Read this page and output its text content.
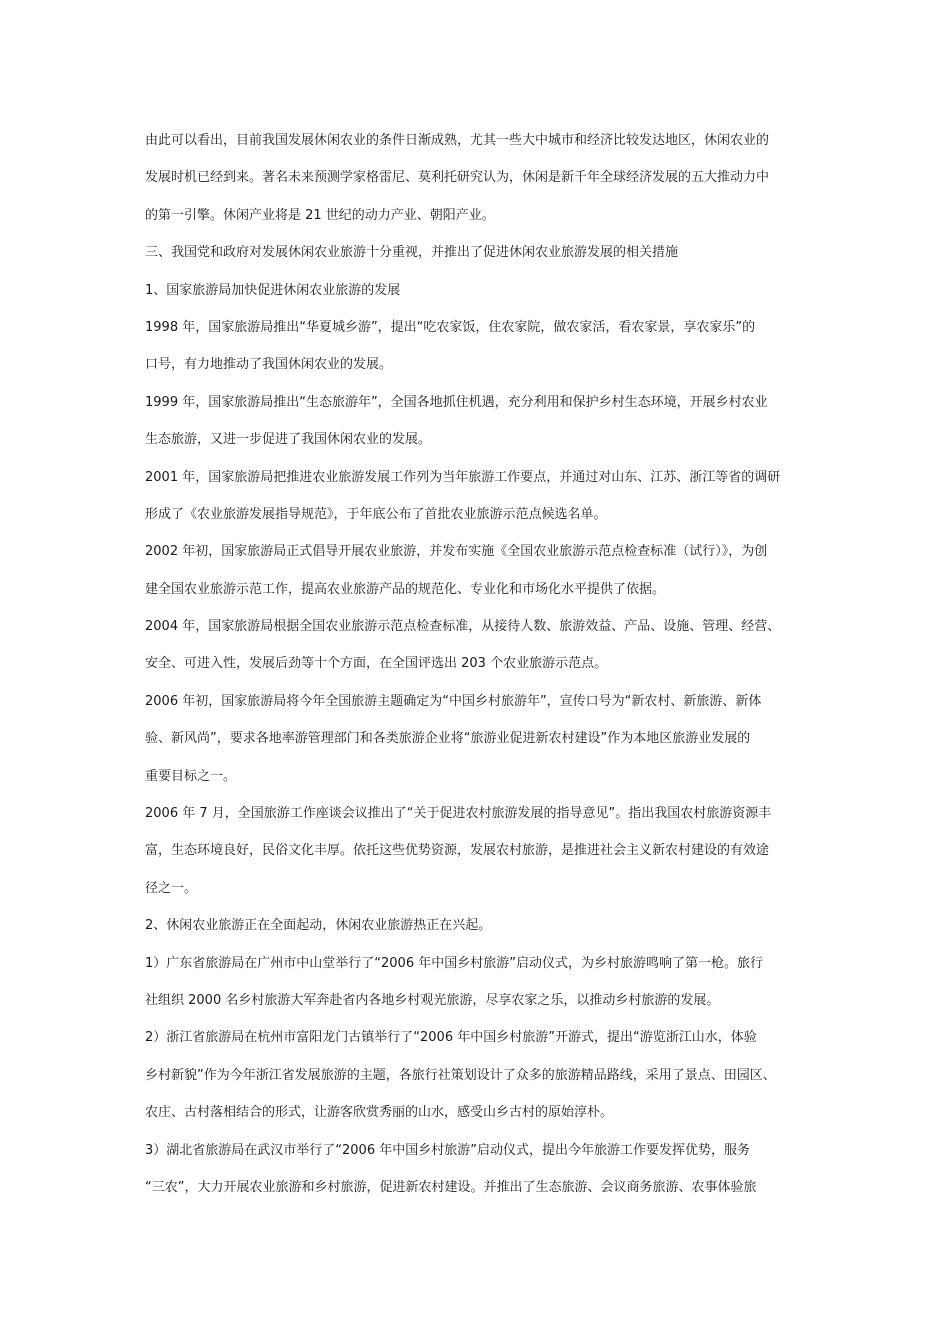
由此可以看出，目前我国发展休闲农业的条件日渐成熟，尤其一些大中城市和经济比较发达地区，休闲农业的
发展时机已经到来。著名未来预测学家格雷尼、莫利托研究认为，休闲是新千年全球经济发展的五大推动力中
的第一引擎。休闲产业将是 21 世纪的动力产业、朝阳产业。
三、我国党和政府对发展休闲农业旅游十分重视，并推出了促进休闲农业旅游发展的相关措施
1、国家旅游局加快促进休闲农业旅游的发展
1998 年，国家旅游局推出“华夏城乡游”，提出“吃农家饭，住农家院，做农家活，看农家景，享农家乐”的
口号，有力地推动了我国休闲农业的发展。
1999 年，国家旅游局推出“生态旅游年”，全国各地抓住机遇，充分利用和保护乡村生态环境，开展乡村农业
生态旅游，又进一步促进了我国休闲农业的发展。
2001 年，国家旅游局把推进农业旅游发展工作列为当年旅游工作要点，并通过对山东、江苏、浙江等省的调研
形成了《农业旅游发展指导规范》，于年底公布了首批农业旅游示范点候选名单。
2002 年初，国家旅游局正式倡导开展农业旅游，并发布实施《全国农业旅游示范点检查标准（试行）》，为创
建全国农业旅游示范工作，提高农业旅游产品的规范化、专业化和市场化水平提供了依据。
2004 年，国家旅游局根据全国农业旅游示范点检查标准，从接待人数、旅游效益、产品、设施、管理、经营、
安全、可进入性，发展后劲等十个方面，在全国评选出 203 个农业旅游示范点。
2006 年初，国家旅游局将今年全国旅游主题确定为“中国乡村旅游年”，宣传口号为“新农村、新旅游、新体
验、新风尚”，要求各地率游管理部门和各类旅游企业将“旅游业促进新农村建设”作为本地区旅游业发展的
重要目标之一。
2006 年 7 月，全国旅游工作座谈会议推出了“关于促进农村旅游发展的指导意见”。指出我国农村旅游资源丰
富，生态环境良好，民俗文化丰厚。依托这些优势资源，发展农村旅游，是推进社会主义新农村建设的有效途
径之一。
2、休闲农业旅游正在全面起动，休闲农业旅游热正在兴起。
1）广东省旅游局在广州市中山堂举行了“2006 年中国乡村旅游”启动仪式，为乡村旅游鸣响了第一枪。旅行
社组织 2000 名乡村旅游大军奔赴省内各地乡村观光旅游，尽享农家之乐，以推动乡村旅游的发展。
2）浙江省旅游局在杭州市富阳龙门古镇举行了“2006 年中国乡村旅游”开游式，提出“游览浙江山水，体验
乡村新貌”作为今年浙江省发展旅游的主题，各旅行社策划设计了众多的旅游精品路线，采用了景点、田园区、
农庄、古村落相结合的形式，让游客欣赏秀丽的山水，感受山乡古村的原始淳朴。
3）湖北省旅游局在武汉市举行了“2006 年中国乡村旅游”启动仪式，提出今年旅游工作要发挥优势，服务
“三农”，大力开展农业旅游和乡村旅游，促进新农村建设。并推出了生态旅游、会议商务旅游、农事体验旅
